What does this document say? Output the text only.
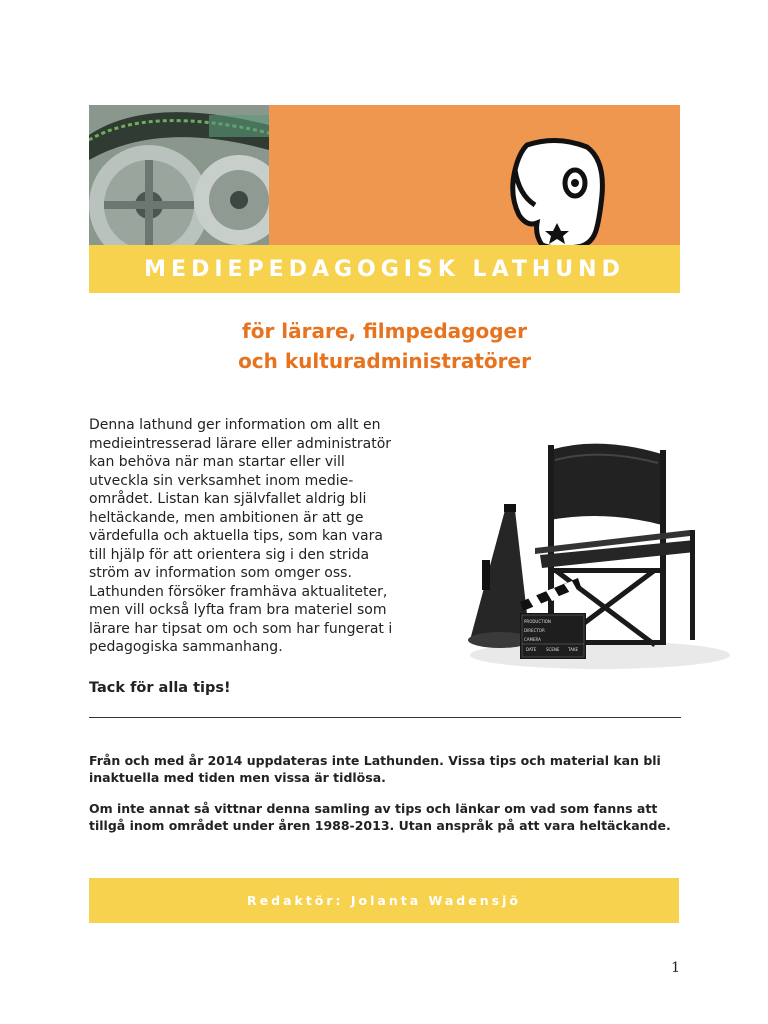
MEDIEPEDAGOGISK LATHUND
för lärare, filmpedagoger
och kulturadministratörer
Denna lathund ger information om allt en
medieintresserad lärare eller administratör
kan behöva när man startar eller vill
utveckla sin verksamhet inom medie-
området. Listan kan självfallet aldrig bli
heltäckande, men ambitionen är att ge
värdefulla och aktuella tips, som kan vara
till hjälp för att orientera sig i den strida
ström av information som omger oss.
Lathunden försöker framhäva aktualiteter,
men vill också lyfta fram bra materiel som
lärare har tipsat om och som har fungerat i
pedagogiska sammanhang.
Tack för alla tips!
PRODUCTION
DIRECTOR
CAMERA
DATE SCENE TAKE
Från och med år 2014 uppdateras inte Lathunden. Vissa tips och material kan bli
inaktuella med tiden men vissa är tidlösa.
Om inte annat så vittnar denna samling av tips och länkar om vad som fanns att
tillgå inom området under åren 1988-2013. Utan anspråk på att vara heltäckande.
Redaktör: Jolanta Wadensjö
1
